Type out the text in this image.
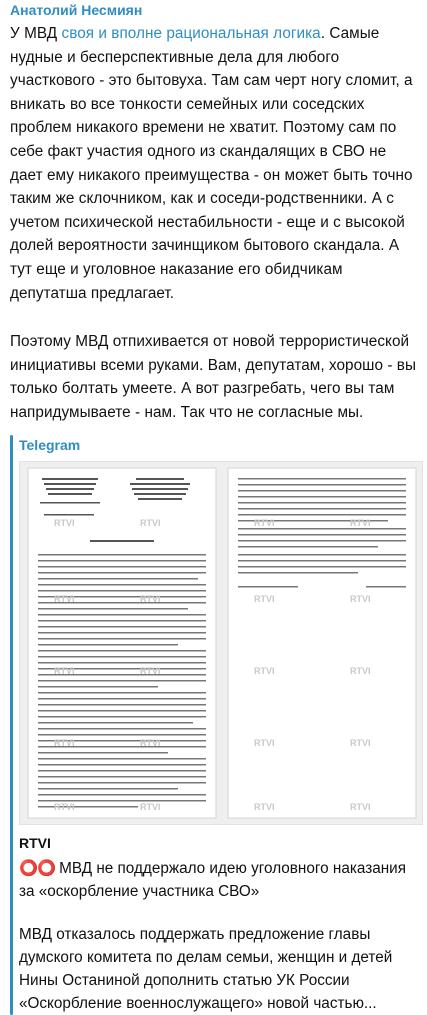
Анатолий Несмиян

У МВД своя и вполне рациональная логика. Самые нудные и бесперспективные дела для любого участкового - это бытовуха. Там сам черт ногу сломит, а вникать во все тонкости семейных или соседских проблем никакого времени не хватит. Поэтому сам по себе факт участия одного из скандалящих в СВО не дает ему никакого преимущества - он может быть точно таким же склочником, как и соседи-родственники. А с учетом психической нестабильности - еще и с высокой долей вероятности зачинщиком бытового скандала. А тут еще и уголовное наказание его обидчикам депутатша предлагает.

Поэтому МВД отпихивается от новой террористической инициативы всеми руками. Вам, депутатам, хорошо - вы только болтать умеете. А вот разгребать, чего вы там напридумываете - нам. Так что не согласные мы.

Telegram
RTVI	RTVI	RTVI	RTVI
RTVI	RTVI	RTVI	RTVI
RTVI	RTVI	RTVI	RTVI
RTVI	RTVI	RTVI	RTVI
RTVI	RTVI	RTVI	RTVI
RTVI

⭕⭕ МВД не поддержало идею уголовного наказания за «оскорбление участника СВО»

МВД отказалось поддержать предложение главы думского комитета по делам семьи, женщин и детей Нины Останиной дополнить статью УК России «Оскорбление военнослужащего» новой частью...
